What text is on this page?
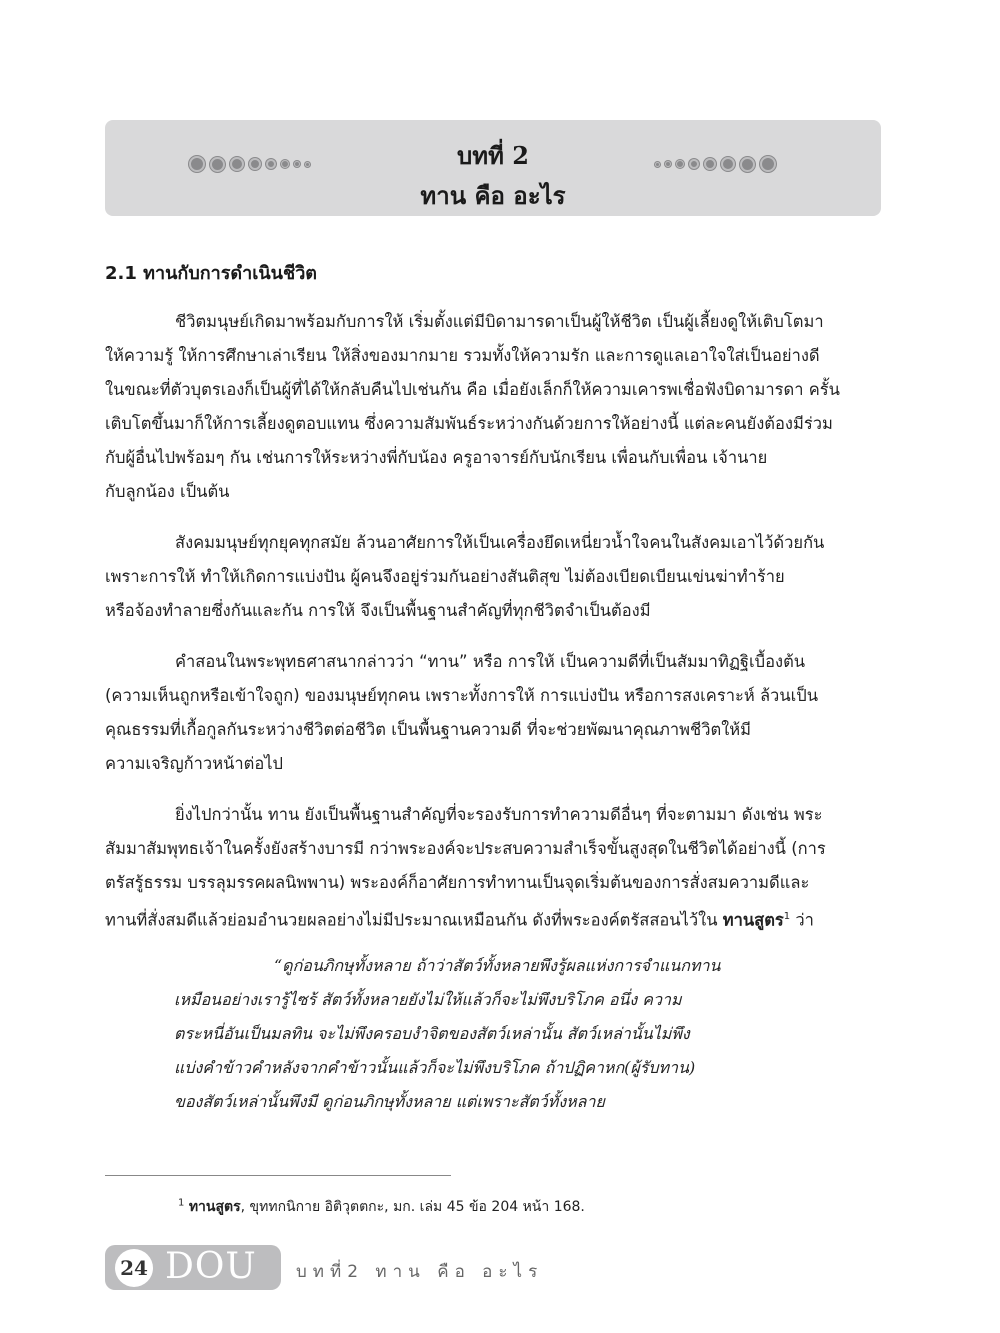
บทที่ 2
ทาน คือ อะไร
2.1 ทานกับการดำเนินชีวิต
ชีวิตมนุษย์เกิดมาพร้อมกับการให้ เริ่มตั้งแต่มีบิดามารดาเป็นผู้ให้ชีวิต เป็นผู้เลี้ยงดูให้เติบโตมา
ให้ความรู้ ให้การศึกษาเล่าเรียน ให้สิ่งของมากมาย รวมทั้งให้ความรัก และการดูแลเอาใจใส่เป็นอย่างดี
ในขณะที่ตัวบุตรเองก็เป็นผู้ที่ได้ให้กลับคืนไปเช่นกัน คือ เมื่อยังเล็กก็ให้ความเคารพเชื่อฟังบิดามารดา ครั้น
เติบโตขึ้นมาก็ให้การเลี้ยงดูตอบแทน ซึ่งความสัมพันธ์ระหว่างกันด้วยการให้อย่างนี้ แต่ละคนยังต้องมีร่วม
กับผู้อื่นไปพร้อมๆ กัน เช่นการให้ระหว่างพี่กับน้อง ครูอาจารย์กับนักเรียน เพื่อนกับเพื่อน เจ้านาย
กับลูกน้อง เป็นต้น
สังคมมนุษย์ทุกยุคทุกสมัย ล้วนอาศัยการให้เป็นเครื่องยึดเหนี่ยวน้ำใจคนในสังคมเอาไว้ด้วยกัน
เพราะการให้ ทำให้เกิดการแบ่งปัน ผู้คนจึงอยู่ร่วมกันอย่างสันติสุข ไม่ต้องเบียดเบียนเข่นฆ่าทำร้าย
หรือจ้องทำลายซึ่งกันและกัน การให้ จึงเป็นพื้นฐานสำคัญที่ทุกชีวิตจำเป็นต้องมี
คำสอนในพระพุทธศาสนากล่าวว่า “ทาน” หรือ การให้ เป็นความดีที่เป็นสัมมาทิฏฐิเบื้องต้น
(ความเห็นถูกหรือเข้าใจถูก) ของมนุษย์ทุกคน เพราะทั้งการให้ การแบ่งปัน หรือการสงเคราะห์ ล้วนเป็น
คุณธรรมที่เกื้อกูลกันระหว่างชีวิตต่อชีวิต เป็นพื้นฐานความดี ที่จะช่วยพัฒนาคุณภาพชีวิตให้มี
ความเจริญก้าวหน้าต่อไป
ยิ่งไปกว่านั้น ทาน ยังเป็นพื้นฐานสำคัญที่จะรองรับการทำความดีอื่นๆ ที่จะตามมา ดังเช่น พระ
สัมมาสัมพุทธเจ้าในครั้งยังสร้างบารมี กว่าพระองค์จะประสบความสำเร็จขั้นสูงสุดในชีวิตได้อย่างนี้ (การ
ตรัสรู้ธรรม บรรลุมรรคผลนิพพาน) พระองค์ก็อาศัยการทำทานเป็นจุดเริ่มต้นของการสั่งสมความดีและ
ทานที่สั่งสมดีแล้วย่อมอำนวยผลอย่างไม่มีประมาณเหมือนกัน ดังที่พระองค์ตรัสสอนไว้ใน ทานสูตร$^1$ ว่า
“ดูก่อนภิกษุทั้งหลาย ถ้าว่าสัตว์ทั้งหลายพึงรู้ผลแห่งการจำแนกทาน
เหมือนอย่างเรารู้ไซร้ สัตว์ทั้งหลายยังไม่ให้แล้วก็จะไม่พึงบริโภค อนึ่ง ความ
ตระหนี่อันเป็นมลทิน จะไม่พึงครอบงำจิตของสัตว์เหล่านั้น สัตว์เหล่านั้นไม่พึง
แบ่งคำข้าวคำหลังจากคำข้าวนั้นแล้วก็จะไม่พึงบริโภค ถ้าปฏิคาหก(ผู้รับทาน)
ของสัตว์เหล่านั้นพึงมี ดูก่อนภิกษุทั้งหลาย แต่เพราะสัตว์ทั้งหลาย
$^1$ ทานสูตร, ขุททกนิกาย อิติวุตตกะ, มก. เล่ม 45 ข้อ 204 หน้า 168.
24 DOU บทที่2 ทาน คือ อะไร
